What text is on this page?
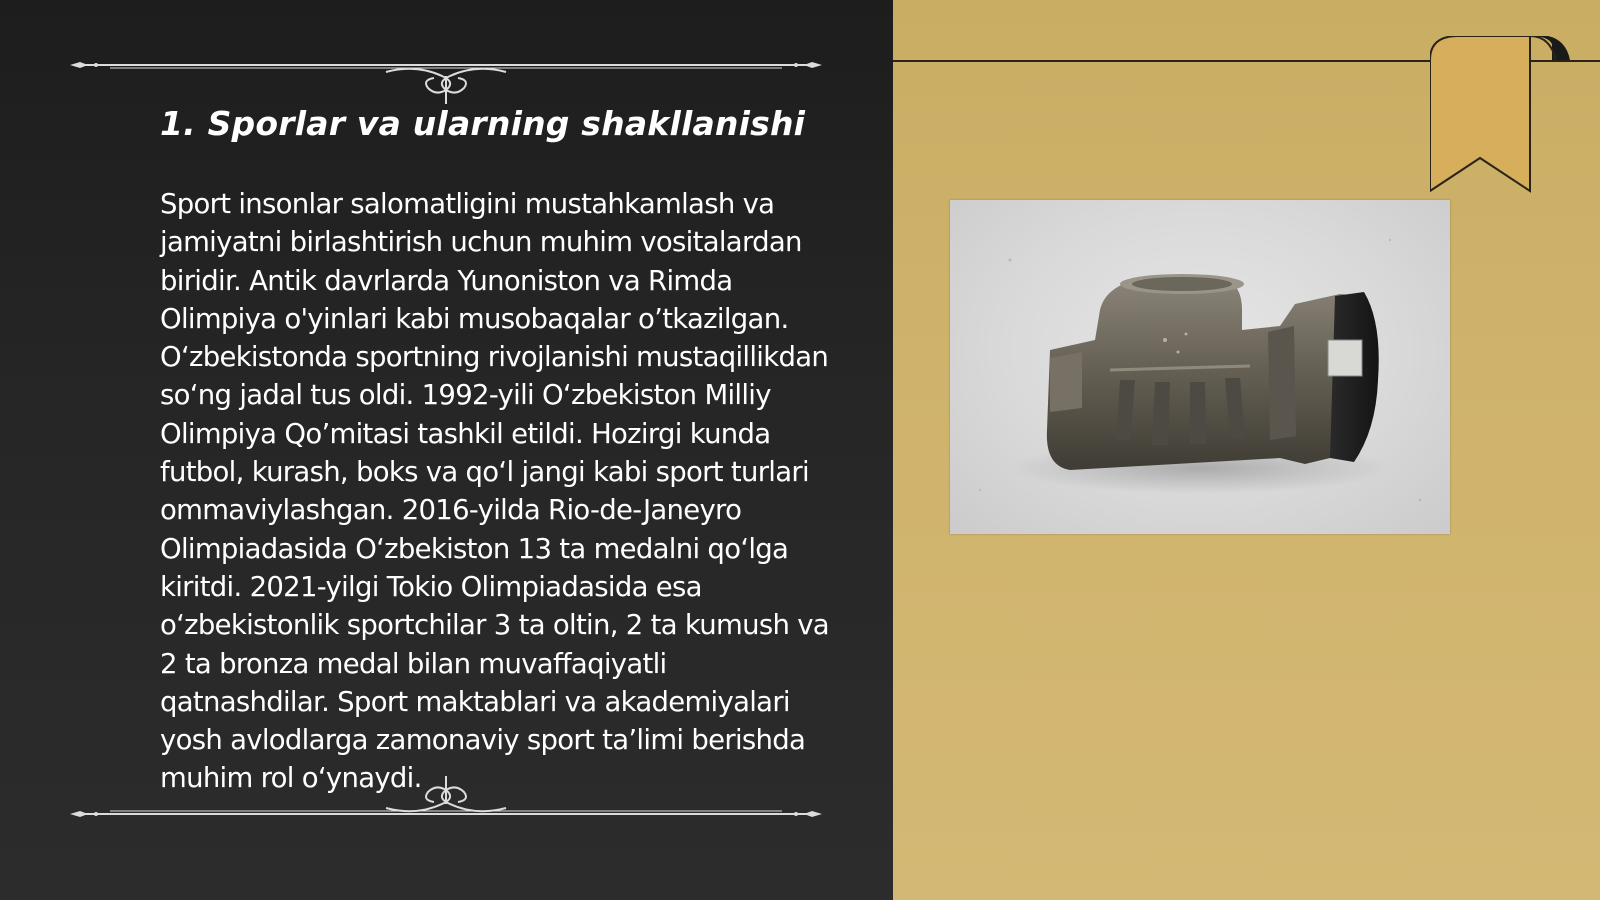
1. Sporlar va ularning shakllanishi

Sport insonlar salomatligini mustahkamlash va jamiyatni birlashtirish uchun muhim vositalardan biridir. Antik davrlarda Yunoniston va Rimda Olimpiya o'yinlari kabi musobaqalar o’tkazilgan. O‘zbekistonda sportning rivojlanishi mustaqillikdan so‘ng jadal tus oldi. 1992-yili O‘zbekiston Milliy Olimpiya Qo’mitasi tashkil etildi. Hozirgi kunda futbol, kurash, boks va qo‘l jangi kabi sport turlari ommaviylashgan. 2016-yilda Rio-de-Janeyro Olimpiadasida O‘zbekiston 13 ta medalni qo‘lga kiritdi. 2021-yilgi Tokio Olimpiadasida esa o‘zbekistonlik sportchilar 3 ta oltin, 2 ta kumush va 2 ta bronza medal bilan muvaffaqiyatli qatnashdilar. Sport maktablari va akademiyalari yosh avlodlarga zamonaviy sport ta’limi berishda muhim rol o‘ynaydi.
